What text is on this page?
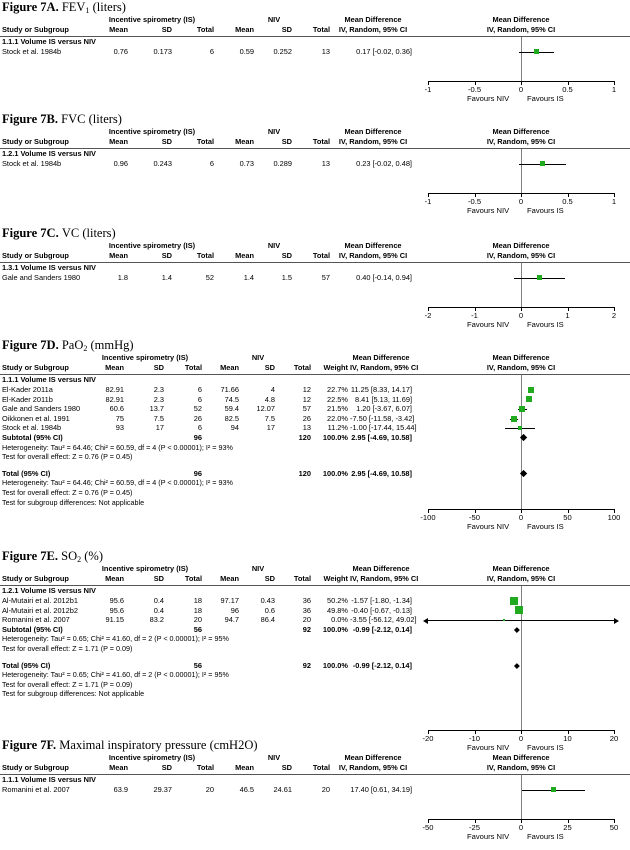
Figure 7A. $FEV_1$ (liters)
Incentive spirometry (IS)	NIV	Mean Difference
Study or Subgroup	Mean	SD	Total	Mean	SD	Total	IV, Random, 95% CI
1.1.1 Volume IS versus NIV
Stock et al. 1984b	0.76	0.173	6	0.59	0.252	13	0.17 [-0.02, 0.36]
Mean Difference
IV, Random, 95% CI
-1	-0.5	0	0.5	1
Favours NIV Favours IS
Figure 7B. FVC (liters)
Incentive spirometry (IS)	NIV	Mean Difference
Study or Subgroup	Mean	SD	Total	Mean	SD	Total	IV, Random, 95% CI
1.2.1 Volume IS versus NIV
Stock et al. 1984b	0.96	0.243	6	0.73	0.289	13	0.23 [-0.02, 0.48]
Mean Difference
IV, Random, 95% CI
-1	-0.5	0	0.5	1
Favours NIV Favours IS
Figure 7C. VC (liters)
Incentive spirometry (IS)	NIV	Mean Difference
Study or Subgroup	Mean	SD	Total	Mean	SD	Total	IV, Random, 95% CI
1.3.1 Volume IS versus NIV
Gale and Sanders 1980	1.8	1.4	52	1.4	1.5	57	0.40 [-0.14, 0.94]
Mean Difference
IV, Random, 95% CI
-2	-1	0	1	2
Favours NIV Favours IS
Figure 7D. PaO$_2$ (mmHg)
Incentive spirometry (IS)	NIV	Mean Difference
Study or Subgroup	Mean	SD	Total	Mean	SD	Total	Weight IV, Random, 95% CI
1.1.1 Volume IS versus NIV
El-Kader 2011a	82.91	2.3	6	71.66	4	12	22.7% 11.25 [8.33, 14.17]
El-Kader 2011b	82.91	2.3	6	74.5	4.8	12	22.5% 8.41 [5.13, 11.69]
Gale and Sanders 1980	60.6	13.7	52	59.4	12.07	57	21.5%	1.20 [-3.67, 6.07]
Oikkonen et al. 1991	75	7.5	26	82.5	7.5	26	22.0% -7.50 [-11.58, -3.42]
Stock et al. 1984b	93	17	6	94	17	13	11.2% -1.00 [-17.44, 15.44]
Subtotal (95% CI)	96	120	100.0% 2.95 [-4.69, 10.58]
Heterogeneity: Tau² = 64.46; Chi² = 60.59, df = 4 (P < 0.00001); I² = 93%
Test for overall effect: Z = 0.76 (P = 0.45)
Total (95% CI)	96	120	100.0% 2.95 [-4.69, 10.58]
Heterogeneity: Tau² = 64.46; Chi² = 60.59, df = 4 (P < 0.00001); I² = 93%
Test for overall effect: Z = 0.76 (P = 0.45)
Test for subgroup differences: Not applicable
Mean Difference
IV, Random, 95% CI
-100	-50	0	50	100
Favours NIV Favours IS
Figure 7E. $SO_2$ (%)
Incentive spirometry (IS)	NIV	Mean Difference
Study or Subgroup	Mean	SD	Total	Mean	SD	Total	Weight IV, Random, 95% CI
1.2.1 Volume IS versus NIV
Al-Mutairi et al. 2012b1	95.6	0.4	18	97.17	0.43	36	50.2% -1.57 [-1.80, -1.34]
Al-Mutairi et al. 2012b2	95.6	0.4	18	96	0.6	36	49.8% -0.40 [-0.67, -0.13]
Romanini et al. 2007	91.15	83.2	20	94.7	86.4	20	0.0% -3.55 [-56.12, 49.02]
Subtotal (95% CI)	56	92	100.0% -0.99 [-2.12, 0.14]
Heterogeneity: Tau² = 0.65; Chi² = 41.60, df = 2 (P < 0.00001); I² = 95%
Test for overall effect: Z = 1.71 (P = 0.09)
Total (95% CI)	56	92	100.0% -0.99 [-2.12, 0.14]
Heterogeneity: Tau² = 0.65; Chi² = 41.60, df = 2 (P < 0.00001); I² = 95%
Test for overall effect: Z = 1.71 (P = 0.09)
Test for subgroup differences: Not applicable
Mean Difference
IV, Random, 95% CI
-20	-10	0	10	20
Favours NIV Favours IS
Figure 7F. Maximal inspiratory pressure (cmH2O)
Incentive spirometry (IS)	NIV	Mean Difference
Study or Subgroup	Mean	SD	Total	Mean	SD	Total	IV, Random, 95% CI
1.1.1 Volume IS versus NIV
Romanini et al. 2007	63.9	29.37	20	46.5	24.61	20	17.40 [0.61, 34.19]
Mean Difference
IV, Random, 95% CI
-50	-25	0	25	50
Favours NIV Favours IS
